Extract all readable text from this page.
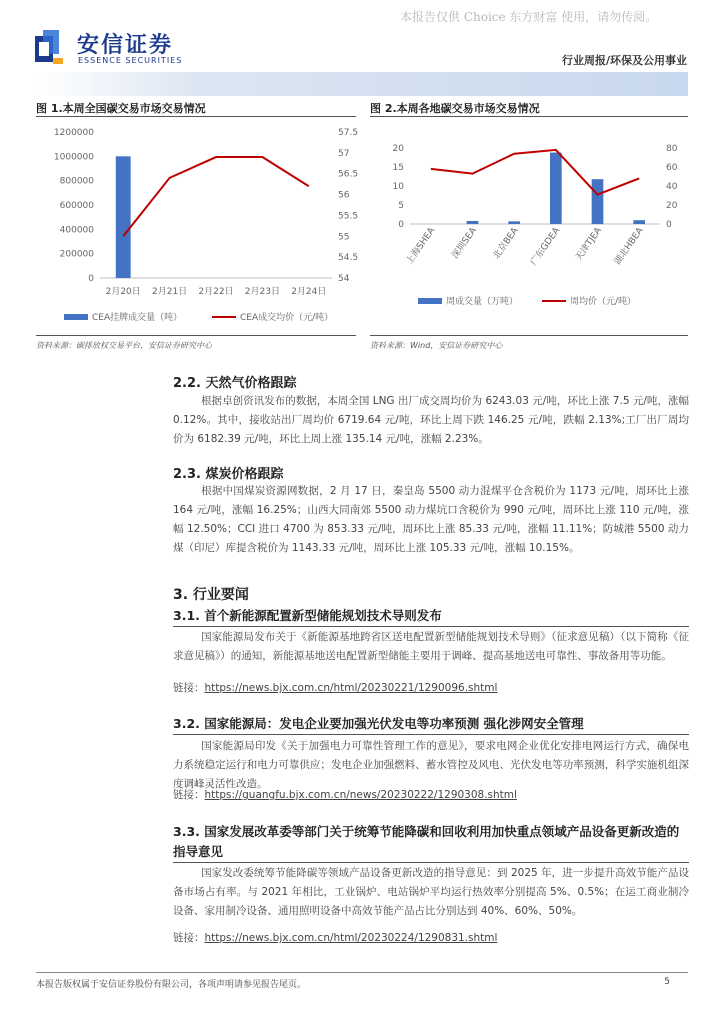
本报告仅供 Choice 东方财富 使用，请勿传阅。
安信证券
ESSENCE SECURITIES	行业周报/环保及公用事业
图 1.本周全国碳交易市场交易情况
0
200000
400000
600000
800000
1000000
1200000
54
54.5
55
55.5
56
56.5
57
57.5
2月20日 2月21日 2月22日 2月23日 2月24日
CEA挂牌成交量（吨）	CEA成交均价（元/吨）
资料来源：碳排放权交易平台，安信证券研究中心
图 2.本周各地碳交易市场交易情况
0
5
10
15
20
0
20
40
60
80
上海SHEA 深圳SEA 北京BEA 广东GDEA 天津TJEA 湖北HBEA
周成交量（万吨）	周均价（元/吨）
资料来源：Wind，安信证券研究中心
2.2. 天然气价格跟踪
根据卓创资讯发布的数据，本周全国 LNG 出厂成交周均价为 6243.03 元/吨，环比上涨 7.5 元/吨，涨幅 0.12%。其中，接收站出厂周均价 6719.64 元/吨，环比上周下跌 146.25 元/吨，跌幅 2.13%;工厂出厂周均价为 6182.39 元/吨，环比上周上涨 135.14 元/吨，涨幅 2.23%。
2.3. 煤炭价格跟踪
根据中国煤炭资源网数据，2 月 17 日，秦皇岛 5500 动力混煤平仓含税价为 1173 元/吨，周环比上涨 164 元/吨，涨幅 16.25%；山西大同南郊 5500 动力煤坑口含税价为 990 元/吨，周环比上涨 110 元/吨，涨幅 12.50%；CCI 进口 4700 为 853.33 元/吨，周环比上涨 85.33 元/吨，涨幅 11.11%；防城港 5500 动力煤（印尼）库提含税价为 1143.33 元/吨，周环比上涨 105.33 元/吨，涨幅 10.15%。
3. 行业要闻
3.1. 首个新能源配置新型储能规划技术导则发布
国家能源局发布关于《新能源基地跨省区送电配置新型储能规划技术导则》（征求意见稿）（以下简称《征求意见稿》）的通知，新能源基地送电配置新型储能主要用于调峰、提高基地送电可靠性、事故备用等功能。
链接：https://news.bjx.com.cn/html/20230221/1290096.shtml
3.2. 国家能源局：发电企业要加强光伏发电等功率预测 强化涉网安全管理
国家能源局印发《关于加强电力可靠性管理工作的意见》，要求电网企业优化安排电网运行方式，确保电力系统稳定运行和电力可靠供应；发电企业加强燃料、蓄水管控及风电、光伏发电等功率预测，科学实施机组深度调峰灵活性改造。
链接：https://guangfu.bjx.com.cn/news/20230222/1290308.shtml
3.3. 国家发展改革委等部门关于统筹节能降碳和回收利用加快重点领域产品设备更新改造的指导意见
国家发改委统筹节能降碳等领域产品设备更新改造的指导意见：到 2025 年，进一步提升高效节能产品设备市场占有率。与 2021 年相比，工业锅炉、电站锅炉平均运行热效率分别提高 5%、0.5%；在运工商业制冷设备、家用制冷设备、通用照明设备中高效节能产品占比分别达到 40%、60%、50%。
链接：https://news.bjx.com.cn/html/20230224/1290831.shtml
本报告版权属于安信证券股份有限公司，各项声明请参见报告尾页。	5
